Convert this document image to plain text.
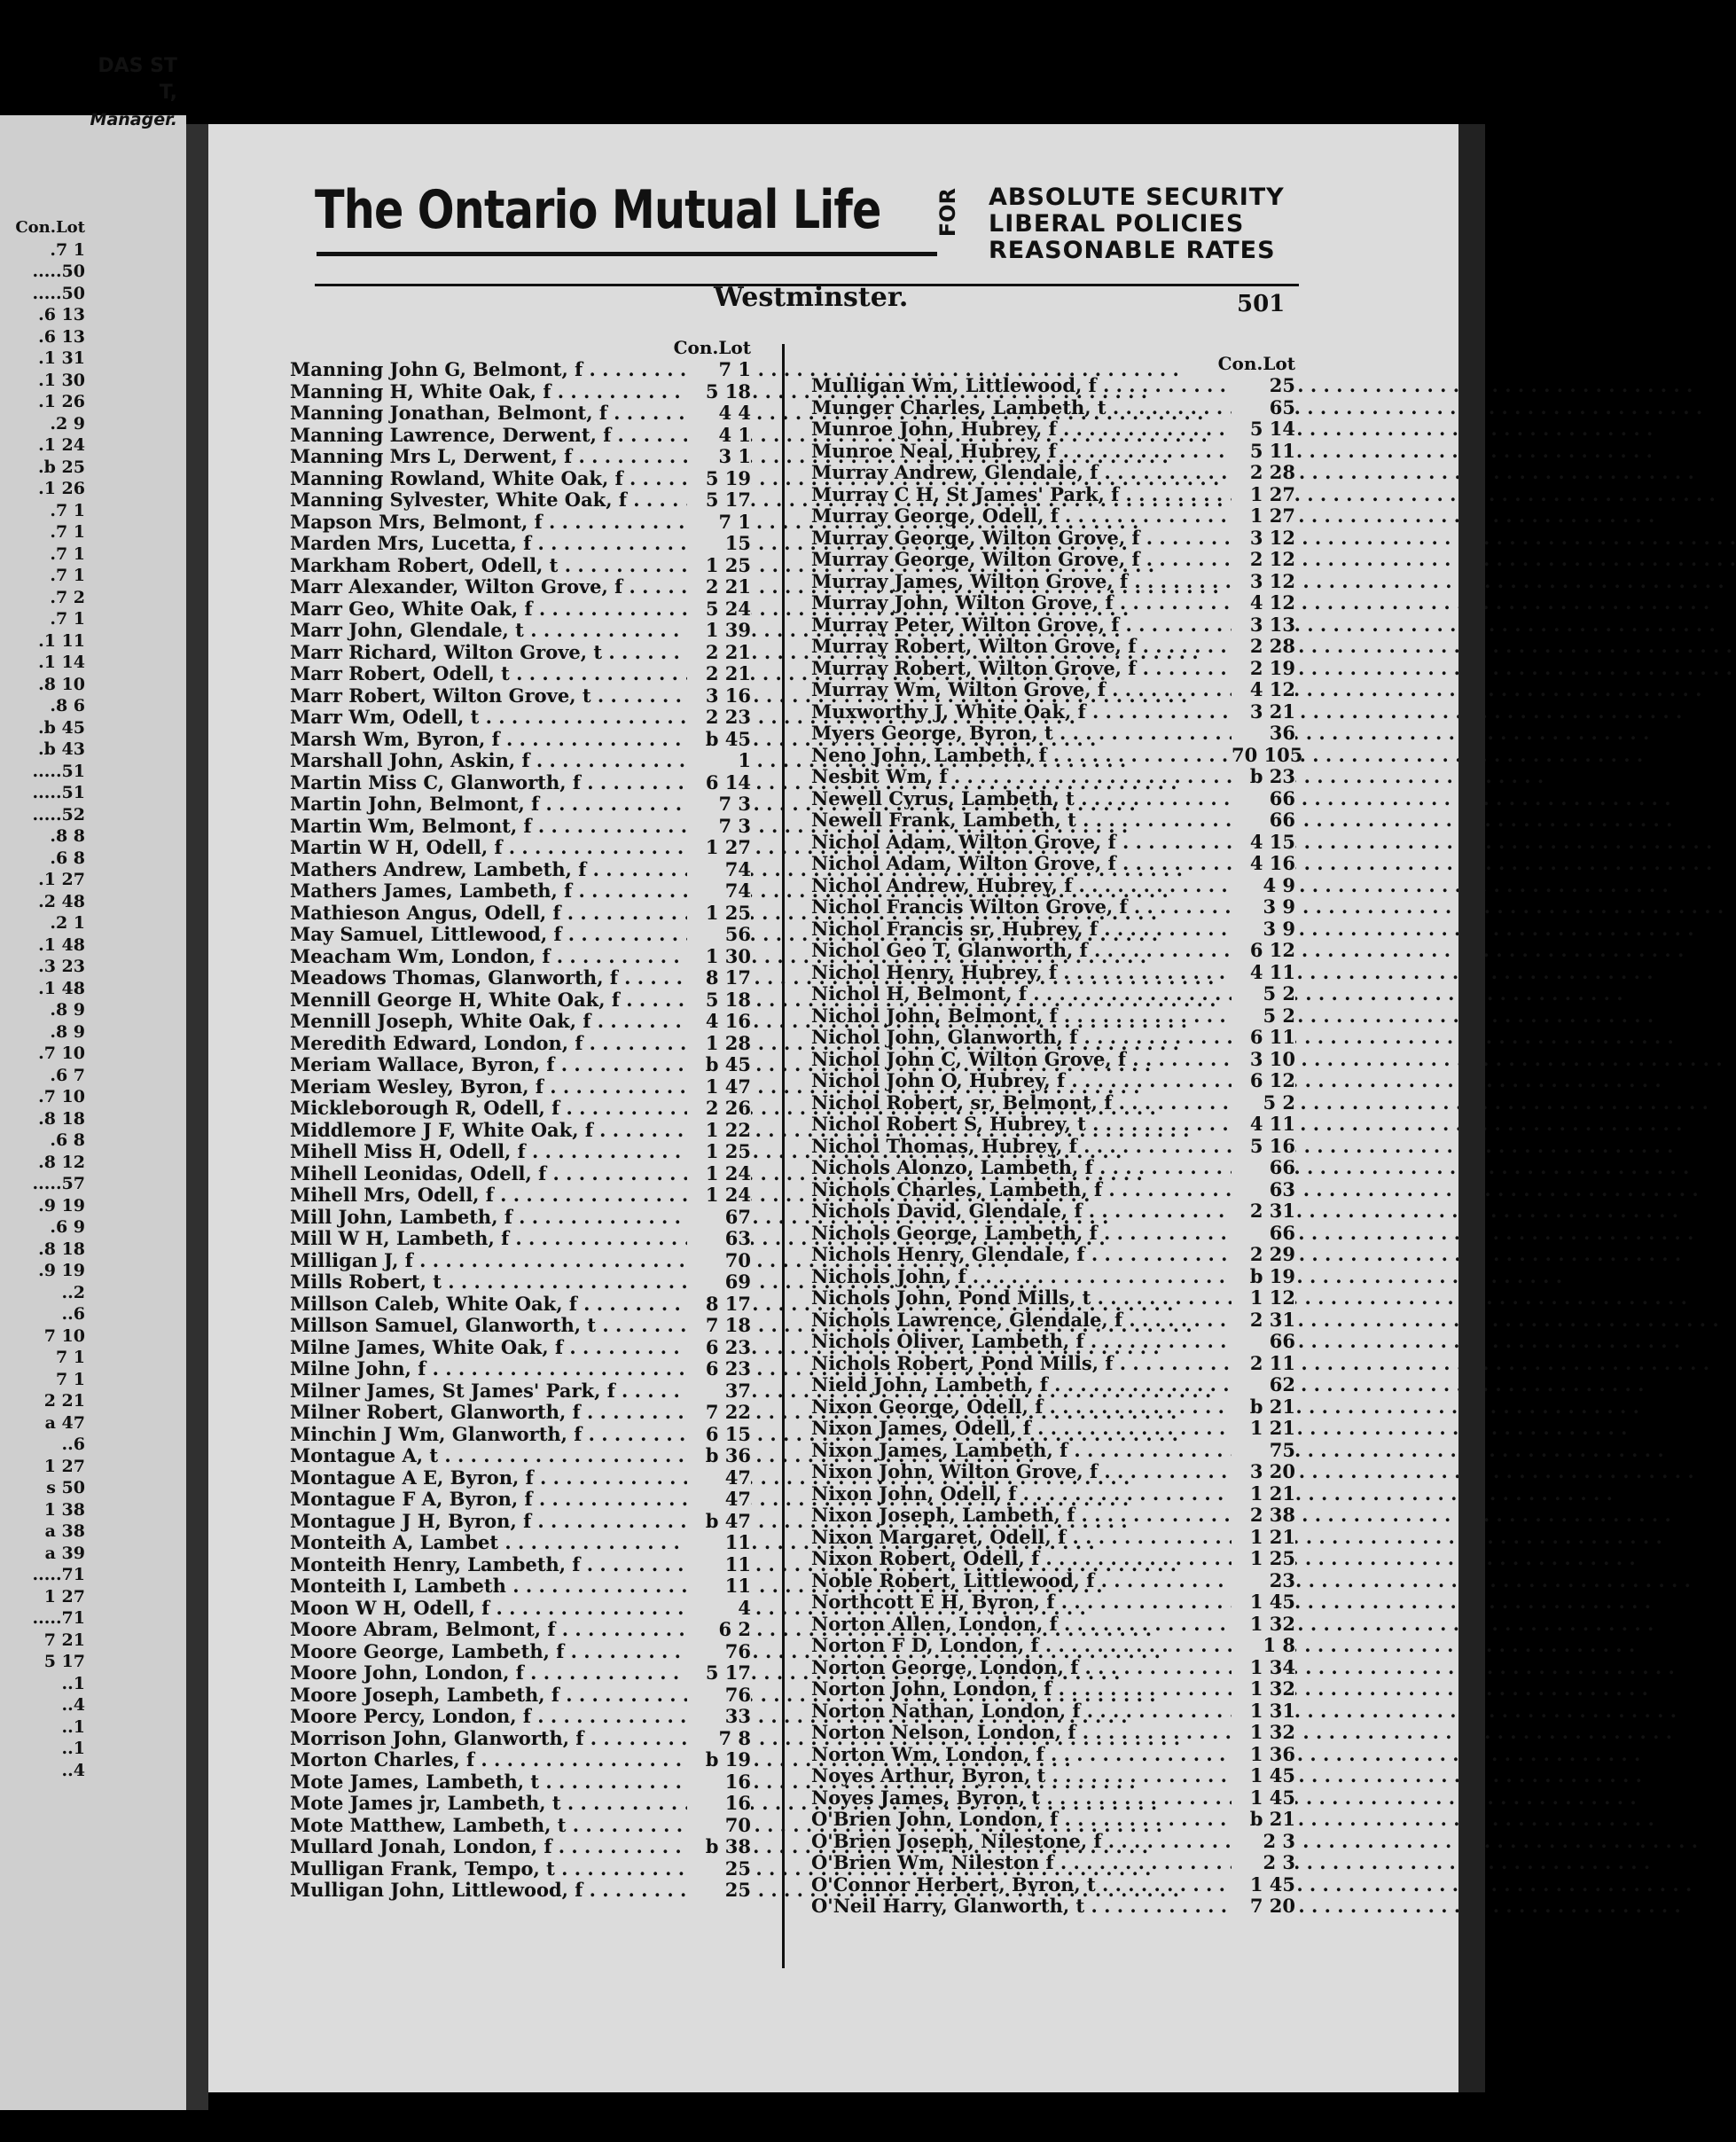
DAS ST
T,

Manager.
Con.Lot
.7 1
.....50
.....50
.6 13
.6 13
.1 31
.1 30
.1 26
.2 9
.1 24
.b 25
.1 26
.7 1
.7 1
.7 1
.7 1
.7 2
.7 1
.1 11
.1 14
.8 10
.8 6
.b 45
.b 43
.....51
.....51
.....52
.8 8
.6 8
.1 27
.2 48
.2 1
.1 48
.3 23
.1 48
.8 9
.8 9
.7 10
.6 7
.7 10
.8 18
.6 8
.8 12
.....57
.9 19
.6 9
.8 18
.9 19
..2
..6
7 10
7 1
7 1
2 21
a 47
..6
1 27
s 50
1 38
a 38
a 39
.....71
1 27
.....71
7 21
5 17
..1
..4
..1
..1
..4
The Ontario Mutual Life	FOR ABSOLUTE SECURITY
LIBERAL POLICIES
REASONABLE RATES
Westminster.	501
Con.Lot
Manning John G, Belmont, f . . .	7 1
Manning H, White Oak, f . . .	5 18
Manning Jonathan, Belmont, f . . .	4 4
Manning Lawrence, Derwent, f . . .	4 1
Manning Mrs L, Derwent, f . . .	3 1
Manning Rowland, White Oak, f . . .	5 19
Manning Sylvester, White Oak, f . . .	5 17
Mapson Mrs, Belmont, f . . .	7 1
Marden Mrs, Lucetta, f . . .	15
Markham Robert, Odell, t . . .	1 25
Marr Alexander, Wilton Grove, f . . .	2 21
Marr Geo, White Oak, f . . .	5 24
Marr John, Glendale, t . . .	1 39
Marr Richard, Wilton Grove, t . . .	2 21
Marr Robert, Odell, t . . .	2 21
Marr Robert, Wilton Grove, t . . .	3 16
Marr Wm, Odell, t . . .	2 23
Marsh Wm, Byron, f . . .	b 45
Marshall John, Askin, f . . .	1
Martin Miss C, Glanworth, f . . .	6 14
Martin John, Belmont, f . . .	7 3
Martin Wm, Belmont, f . . .	7 3
Martin W H, Odell, f . . .	1 27
Mathers Andrew, Lambeth, f . . .	74
Mathers James, Lambeth, f . . .	74
Mathieson Angus, Odell, f . . .	1 25
May Samuel, Littlewood, f . . .	56
Meacham Wm, London, f . . .	1 30
Meadows Thomas, Glanworth, f . . .	8 17
Mennill George H, White Oak, f . . .	5 18
Mennill Joseph, White Oak, f . . .	4 16
Meredith Edward, London, f . . .	1 28
Meriam Wallace, Byron, f . . .	b 45
Meriam Wesley, Byron, f . . .	1 47
Mickleborough R, Odell, f . . .	2 26
Middlemore J F, White Oak, f . . .	1 22
Mihell Miss H, Odell, f . . .	1 25
Mihell Leonidas, Odell, f . . .	1 24
Mihell Mrs, Odell, f . . .	1 24
Mill John, Lambeth, f . . .	67
Mill W H, Lambeth, f . . .	63
Milligan J, f . . .	70
Mills Robert, t . . .	69
Millson Caleb, White Oak, f . . .	8 17
Millson Samuel, Glanworth, t . . .	7 18
Milne James, White Oak, f . . .	6 23
Milne John, f . . .	6 23
Milner James, St James' Park, f . . .	37
Milner Robert, Glanworth, f . . .	7 22
Minchin J Wm, Glanworth, f . . .	6 15
Montague A, t . . .	b 36
Montague A E, Byron, f . . .	47
Montague F A, Byron, f . . .	47
Montague J H, Byron, f . . .	b 47
Monteith A, Lambet . . .	11
Monteith Henry, Lambeth, f . . .	11
Monteith I, Lambeth . . .	11
Moon W H, Odell, f . . .	4
Moore Abram, Belmont, f . . .	6 2
Moore George, Lambeth, f . . .	76
Moore John, London, f . . .	5 17
Moore Joseph, Lambeth, f . . .	76
Moore Percy, London, f . . .	33
Morrison John, Glanworth, f . . .	7 8
Morton Charles, f . . .	b 19
Mote James, Lambeth, t . . .	16
Mote James jr, Lambeth, t . . .	16
Mote Matthew, Lambeth, t . . .	70
Mullard Jonah, London, f . . .	b 38
Mulligan Frank, Tempo, t . . .	25
Mulligan John, Littlewood, f . . .	25
Con.Lot
Mulligan Wm, Littlewood, f . . .	25
Munger Charles, Lambeth, t . . .	65
Munroe John, Hubrey, f . . .	5 14
Munroe Neal, Hubrey, f . . .	5 11
Murray Andrew, Glendale, f . . .	2 28
Murray C H, St James' Park, f . . .	1 27
Murray George, Odell, f . . .	1 27
Murray George, Wilton Grove, f . . .	3 12
Murray George, Wilton Grove, f . . .	2 12
Murray James, Wilton Grove, f . . .	3 12
Murray John, Wilton Grove, f . . .	4 12
Murray Peter, Wilton Grove, f . . .	3 13
Murray Robert, Wilton Grove, f . . .	2 28
Murray Robert, Wilton Grove, f . . .	2 19
Murray Wm, Wilton Grove, f . . .	4 12
Muxworthy J, White Oak, f . . .	3 21
Myers George, Byron, t . . .	36
Neno John, Lambeth, f . . .	70 105
Nesbit Wm, f . . .	b 23
Newell Cyrus, Lambeth, t . . .	66
Newell Frank, Lambeth, t . . .	66
Nichol Adam, Wilton Grove, f . . .	4 15
Nichol Adam, Wilton Grove, f . . .	4 16
Nichol Andrew, Hubrey, f . . .	4 9
Nichol Francis Wilton Grove, f . . .	3 9
Nichol Francis sr, Hubrey, f . . .	3 9
Nichol Geo T, Glanworth, f . . .	6 12
Nichol Henry, Hubrey, f . . .	4 11
Nichol H, Belmont, f . . .	5 2
Nichol John, Belmont, f . . .	5 2
Nichol John, Glanworth, f . . .	6 11
Nichol John C, Wilton Grove, f . . .	3 10
Nichol John O, Hubrey, f . . .	6 12
Nichol Robert, sr, Belmont, f . . .	5 2
Nichol Robert S, Hubrey, t . . .	4 11
Nichol Thomas, Hubrey, f . . .	5 16
Nichols Alonzo, Lambeth, f . . .	66
Nichols Charles, Lambeth, f . . .	63
Nichols David, Glendale, f . . .	2 31
Nichols George, Lambeth, f . . .	66
Nichols Henry, Glendale, f . . .	2 29
Nichols John, f . . .	b 19
Nichols John, Pond Mills, t . . .	1 12
Nichols Lawrence, Glendale, f . . .	2 31
Nichols Oliver, Lambeth, f . . .	66
Nichols Robert, Pond Mills, f . . .	2 11
Nield John, Lambeth, f . . .	62
Nixon George, Odell, f . . .	b 21
Nixon James, Odell, f . . .	1 21
Nixon James, Lambeth, f . . .	75
Nixon John, Wilton Grove, f . . .	3 20
Nixon John, Odell, f . . .	1 21
Nixon Joseph, Lambeth, f . . .	2 38
Nixon Margaret, Odell, f . . .	1 21
Nixon Robert, Odell, f . . .	1 25
Noble Robert, Littlewood, f . . .	23
Northcott E H, Byron, f . . .	1 45
Norton Allen, London, f . . .	1 32
Norton F D, London, f . . .	1 8
Norton George, London, f . . .	1 34
Norton John, London, f . . .	1 32
Norton Nathan, London, f . . .	1 31
Norton Nelson, London, f . . .	1 32
Norton Wm, London, f . . .	1 36
Noyes Arthur, Byron, t . . .	1 45
Noyes James, Byron, t . . .	1 45
O'Brien John, London, f . . .	b 21
O'Brien Joseph, Nilestone, f . . .	2 3
O'Brien Wm, Nileston f . . .	2 3
O'Connor Herbert, Byron, t . . .	1 45
O'Neil Harry, Glanworth, t . . .	7 20
